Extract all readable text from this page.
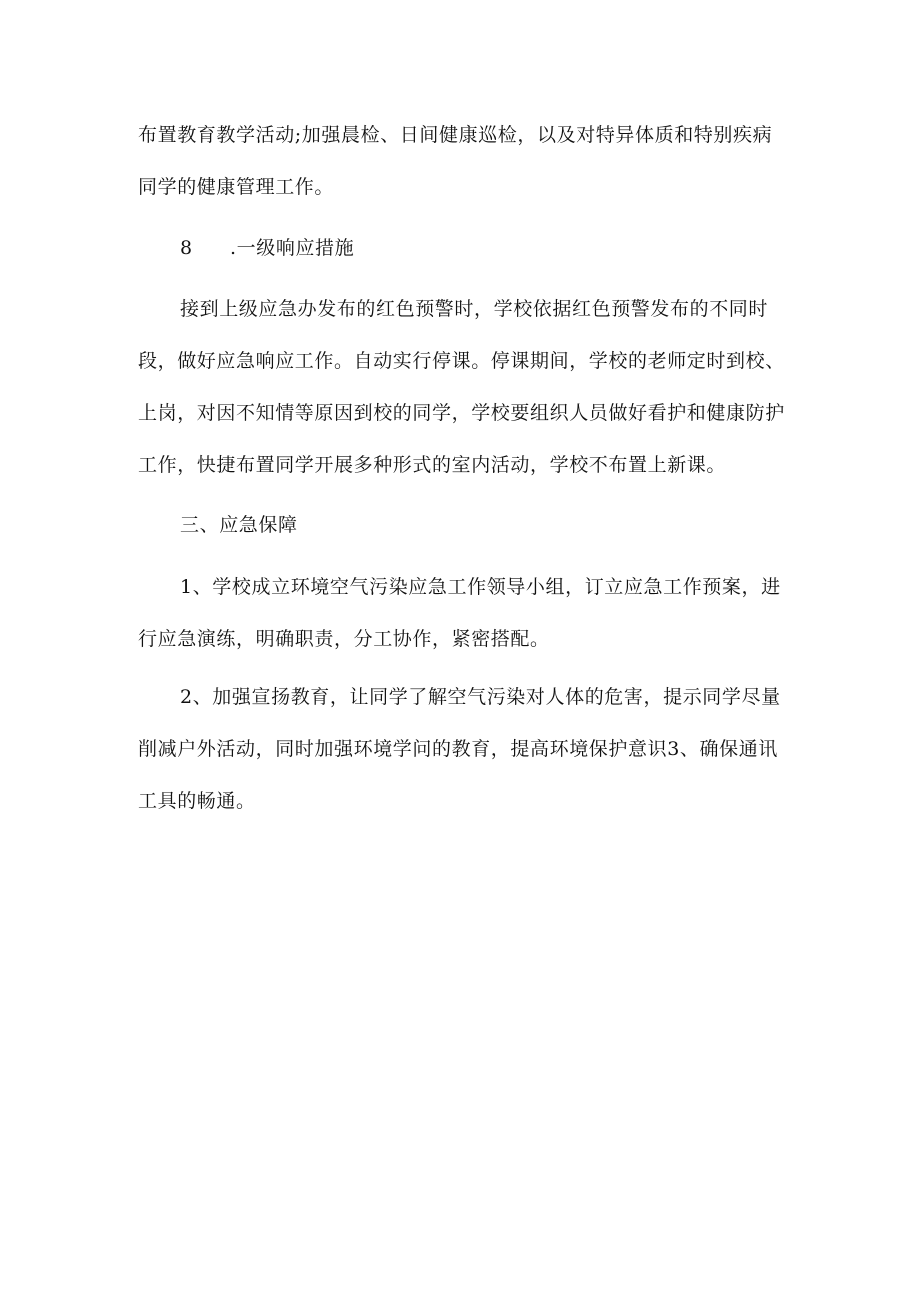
布置教育教学活动;加强晨检、日间健康巡检，以及对特异体质和特别疾病
同学的健康管理工作。

8 .一级响应措施

接到上级应急办发布的红色预警时，学校依据红色预警发布的不同时
段，做好应急响应工作。自动实行停课。停课期间，学校的老师定时到校、
上岗，对因不知情等原因到校的同学，学校要组织人员做好看护和健康防护
工作，快捷布置同学开展多种形式的室内活动，学校不布置上新课。

三、应急保障

1、学校成立环境空气污染应急工作领导小组，订立应急工作预案，进
行应急演练，明确职责，分工协作，紧密搭配。

2、加强宣扬教育，让同学了解空气污染对人体的危害，提示同学尽量
削减户外活动，同时加强环境学问的教育，提高环境保护意识3、确保通讯
工具的畅通。
